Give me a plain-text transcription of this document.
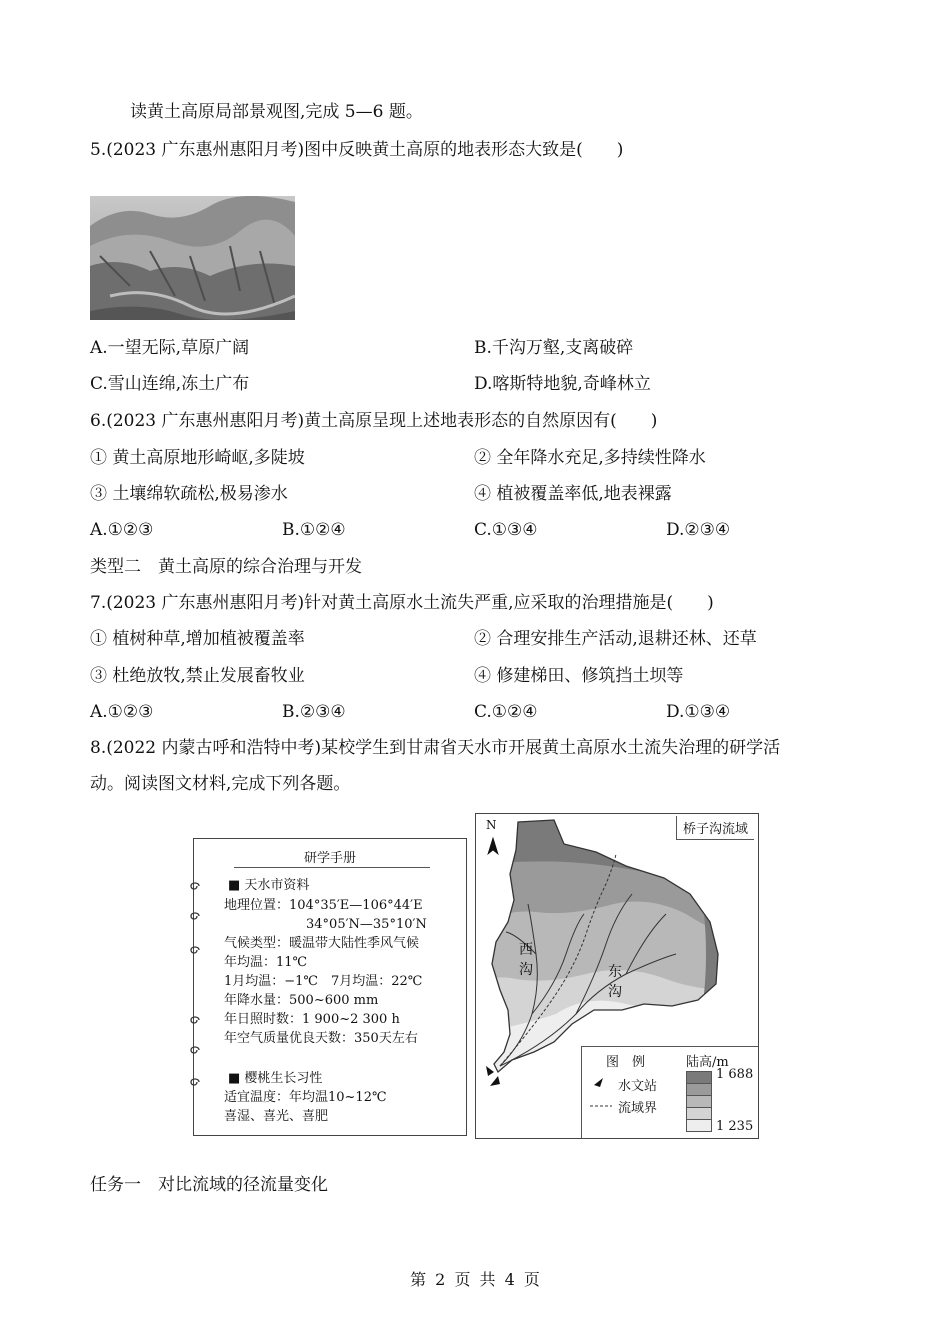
读黄土高原局部景观图,完成 5—6 题。
5.(2023 广东惠州惠阳月考)图中反映黄土高原的地表形态大致是(　　)
A.一望无际,草原广阔	B.千沟万壑,支离破碎
C.雪山连绵,冻土广布	D.喀斯特地貌,奇峰林立
6.(2023 广东惠州惠阳月考)黄土高原呈现上述地表形态的自然原因有(　　)
① 黄土高原地形崎岖,多陡坡	② 全年降水充足,多持续性降水
③ 土壤绵软疏松,极易渗水	④ 植被覆盖率低,地表裸露
A.①②③	B.①②④	C.①③④	D.②③④
类型二　黄土高原的综合治理与开发
7.(2023 广东惠州惠阳月考)针对黄土高原水土流失严重,应采取的治理措施是(　　)
① 植树种草,增加植被覆盖率	② 合理安排生产活动,退耕还林、还草
③ 杜绝放牧,禁止发展畜牧业	④ 修建梯田、修筑挡土坝等
A.①②③	B.②③④	C.①②④	D.①③④
8.(2022 内蒙古呼和浩特中考)某校学生到甘肃省天水市开展黄土高原水土流失治理的研学活
动。阅读图文材料,完成下列各题。
研学手册
■ 天水市资料
地理位置：104°35′E—106°44′E
34°05′N—35°10′N
气候类型：暖温带大陆性季风气候
年均温：11℃
1月均温：−1℃　7月均温：22℃
年降水量：500~600 mm
年日照时数：1 900~2 300 h
年空气质量优良天数：350天左右
■ 樱桃生长习性
适宜温度：年均温10~12℃
喜湿、喜光、喜肥
N	桥子沟流域
西沟	东沟
图　例	陆高/m
水文站
流域界
1 688
1 235
任务一　对比流域的径流量变化
第 2 页 共 4 页
